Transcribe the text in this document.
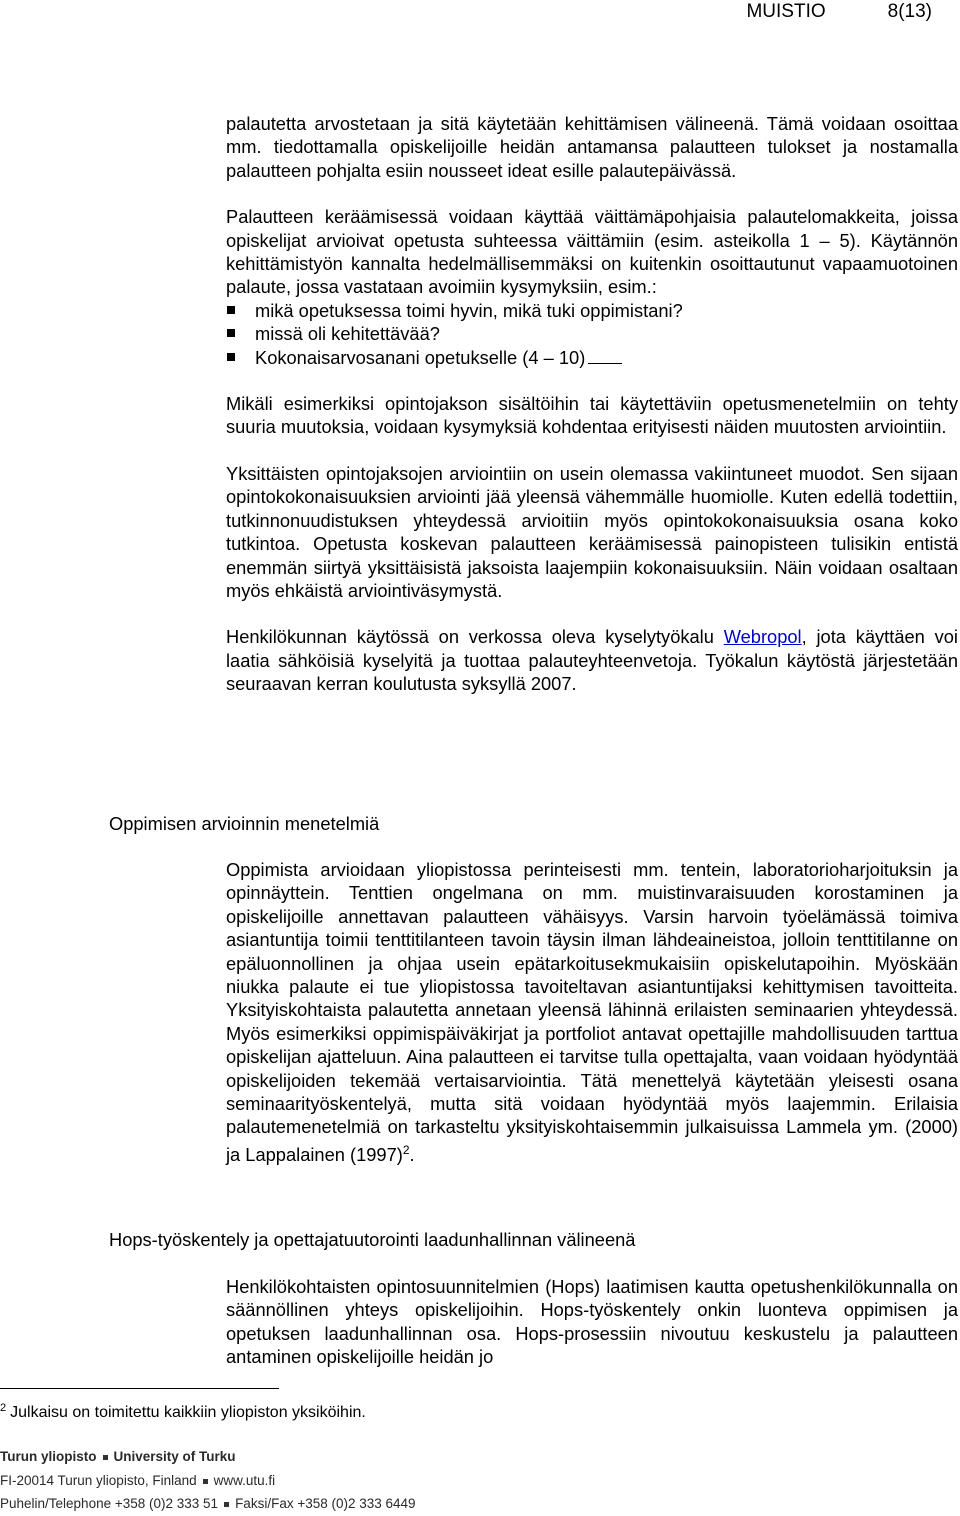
MUISTIO	8(13)

palautetta arvostetaan ja sitä käytetään kehittämisen välineenä. Tämä voidaan osoittaa mm. tiedottamalla opiskelijoille heidän antamansa palautteen tulokset ja nostamalla palautteen pohjalta esiin nousseet ideat esille palautepäivässä.

Palautteen keräämisessä voidaan käyttää väittämäpohjaisia palautelomakkeita, joissa opiskelijat arvioivat opetusta suhteessa väittämiin (esim. asteikolla 1 – 5). Käytännön kehittämistyön kannalta hedelmällisemmäksi on kuitenkin osoittautunut vapaamuotoinen palaute, jossa vastataan avoimiin kysymyksiin, esim.:

mikä opetuksessa toimi hyvin, mikä tuki oppimistani?
missä oli kehitettävää?
Kokonaisarvosanani opetukselle (4 – 10)

Mikäli esimerkiksi opintojakson sisältöihin tai käytettäviin opetusmenetelmiin on tehty suuria muutoksia, voidaan kysymyksiä kohdentaa erityisesti näiden muutosten arviointiin.

Yksittäisten opintojaksojen arviointiin on usein olemassa vakiintuneet muodot. Sen sijaan opintokokonaisuuksien arviointi jää yleensä vähemmälle huomiolle. Kuten edellä todettiin, tutkinnonuudistuksen yhteydessä arvioitiin myös opintokokonaisuuksia osana koko tutkintoa. Opetusta koskevan palautteen keräämisessä painopisteen tulisikin entistä enemmän siirtyä yksittäisistä jaksoista laajempiin kokonaisuuksiin. Näin voidaan osaltaan myös ehkäistä arviointiväsymystä.

Henkilökunnan käytössä on verkossa oleva kyselytyökalu Webropol, jota käyttäen voi laatia sähköisiä kyselyitä ja tuottaa palauteyhteenvetoja. Työkalun käytöstä järjestetään seuraavan kerran koulutusta syksyllä 2007.

Oppimisen arvioinnin menetelmiä

Oppimista arvioidaan yliopistossa perinteisesti mm. tentein, laboratorioharjoituksin ja opinnäyttein. Tenttien ongelmana on mm. muistinvaraisuuden korostaminen ja opiskelijoille annettavan palautteen vähäisyys. Varsin harvoin työelämässä toimiva asiantuntija toimii tenttitilanteen tavoin täysin ilman lähdeaineistoa, jolloin tenttitilanne on epäluonnollinen ja ohjaa usein epätarkoitusekmukaisiin opiskelutapoihin. Myöskään niukka palaute ei tue yliopistossa tavoiteltavan asiantuntijaksi kehittymisen tavoitteita. Yksityiskohtaista palautetta annetaan yleensä lähinnä erilaisten seminaarien yhteydessä. Myös esimerkiksi oppimispäiväkirjat ja portfoliot antavat opettajille mahdollisuuden tarttua opiskelijan ajatteluun. Aina palautteen ei tarvitse tulla opettajalta, vaan voidaan hyödyntää opiskelijoiden tekemää vertaisarviointia. Tätä menettelyä käytetään yleisesti osana seminaarityöskentelyä, mutta sitä voidaan hyödyntää myös laajemmin. Erilaisia palautemenetelmiä on tarkasteltu yksityiskohtaisemmin julkaisuissa Lammela ym. (2000) ja Lappalainen $(1997)^2$.

Hops-työskentely ja opettajatuutorointi laadunhallinnan välineenä

Henkilökohtaisten opintosuunnitelmien (Hops) laatimisen kautta opetushenkilökunnalla on säännöllinen yhteys opiskelijoihin. Hops-työskentely onkin luonteva oppimisen ja opetuksen laadunhallinnan osa. Hops-prosessiin nivoutuu keskustelu ja palautteen antaminen opiskelijoille heidän jo

$^2$ Julkaisu on toimitettu kaikkiin yliopiston yksiköihin.
Turun yliopisto University of Turku
FI-20014 Turun yliopisto, Finland www.utu.fi
Puhelin/Telephone +358 (0)2 333 51 Faksi/Fax +358 (0)2 333 6449
